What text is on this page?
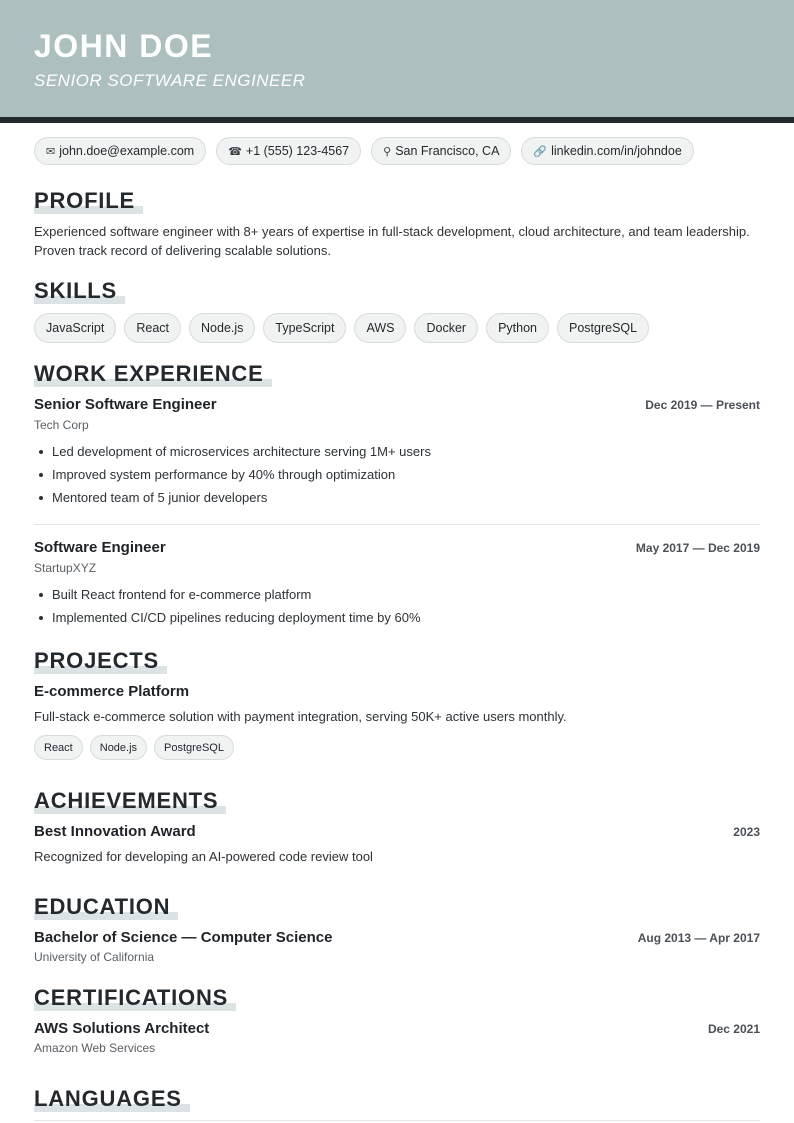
JOHN DOE
SENIOR SOFTWARE ENGINEER
✉ john.doe@example.com	☎ +1 (555) 123-4567	⚲ San Francisco, CA	🔗 linkedin.com/in/johndoe
PROFILE
Experienced software engineer with 8+ years of expertise in full-stack development, cloud architecture, and team leadership.
Proven track record of delivering scalable solutions.
SKILLS
JavaScript	React	Node.js	TypeScript	AWS	Docker	Python	PostgreSQL
WORK EXPERIENCE
Senior Software Engineer	Dec 2019 — Present
Tech Corp
Led development of microservices architecture serving 1M+ users
Improved system performance by 40% through optimization
Mentored team of 5 junior developers
Software Engineer	May 2017 — Dec 2019
StartupXYZ
Built React frontend for e-commerce platform
Implemented CI/CD pipelines reducing deployment time by 60%
PROJECTS
E-commerce Platform
Full-stack e-commerce solution with payment integration, serving 50K+ active users monthly.
React	Node.js	PostgreSQL
ACHIEVEMENTS
Best Innovation Award	2023
Recognized for developing an AI-powered code review tool
EDUCATION
Bachelor of Science — Computer Science	Aug 2013 — Apr 2017
University of California
CERTIFICATIONS
AWS Solutions Architect	Dec 2021
Amazon Web Services
LANGUAGES
